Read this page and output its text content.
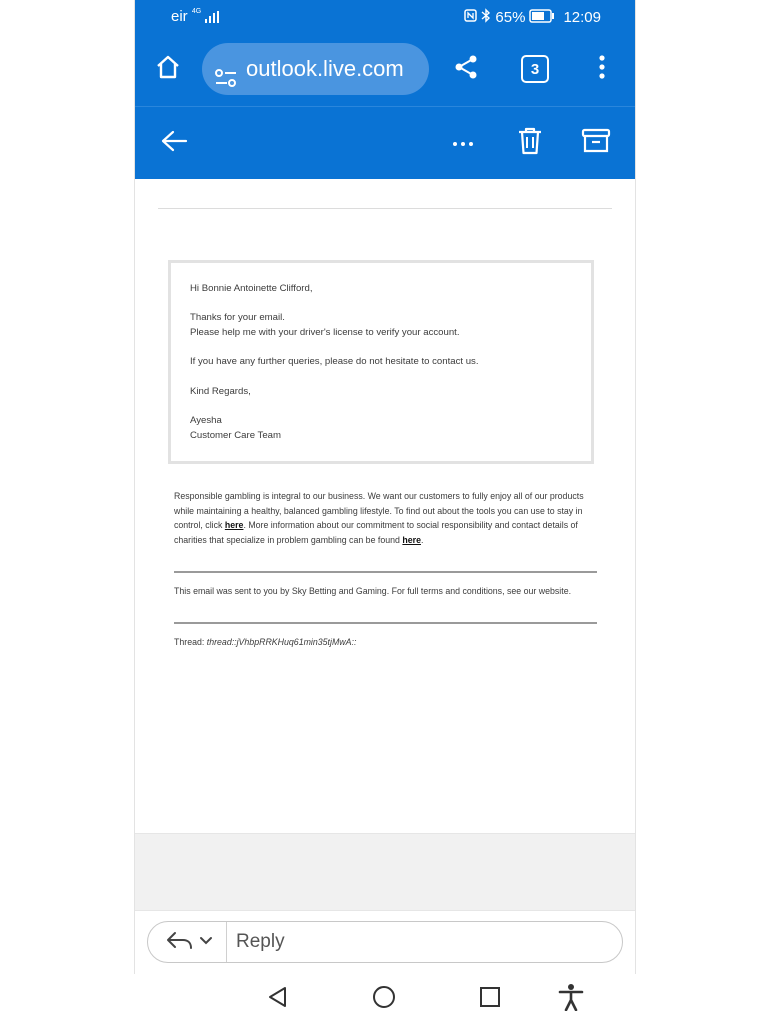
eir $^{4G}$	65%	12:09
outlook.live.com	3

Hi Bonnie Antoinette Clifford,

Thanks for your email.

Please help me with your driver's license to verify your account.

If you have any further queries, please do not hesitate to contact us.

Kind Regards,

Ayesha

Customer Care Team

Responsible gambling is integral to our business. We want our customers to fully enjoy all of our products while maintaining a healthy, balanced gambling lifestyle. To find out about the tools you can use to stay in control, click here. More information about our commitment to social responsibility and contact details of charities that specialize in problem gambling can be found here.
This email was sent to you by Sky Betting and Gaming. For full terms and conditions, see our website.
Thread: thread::jVhbpRRKHuq61min35tjMwA::
Reply
